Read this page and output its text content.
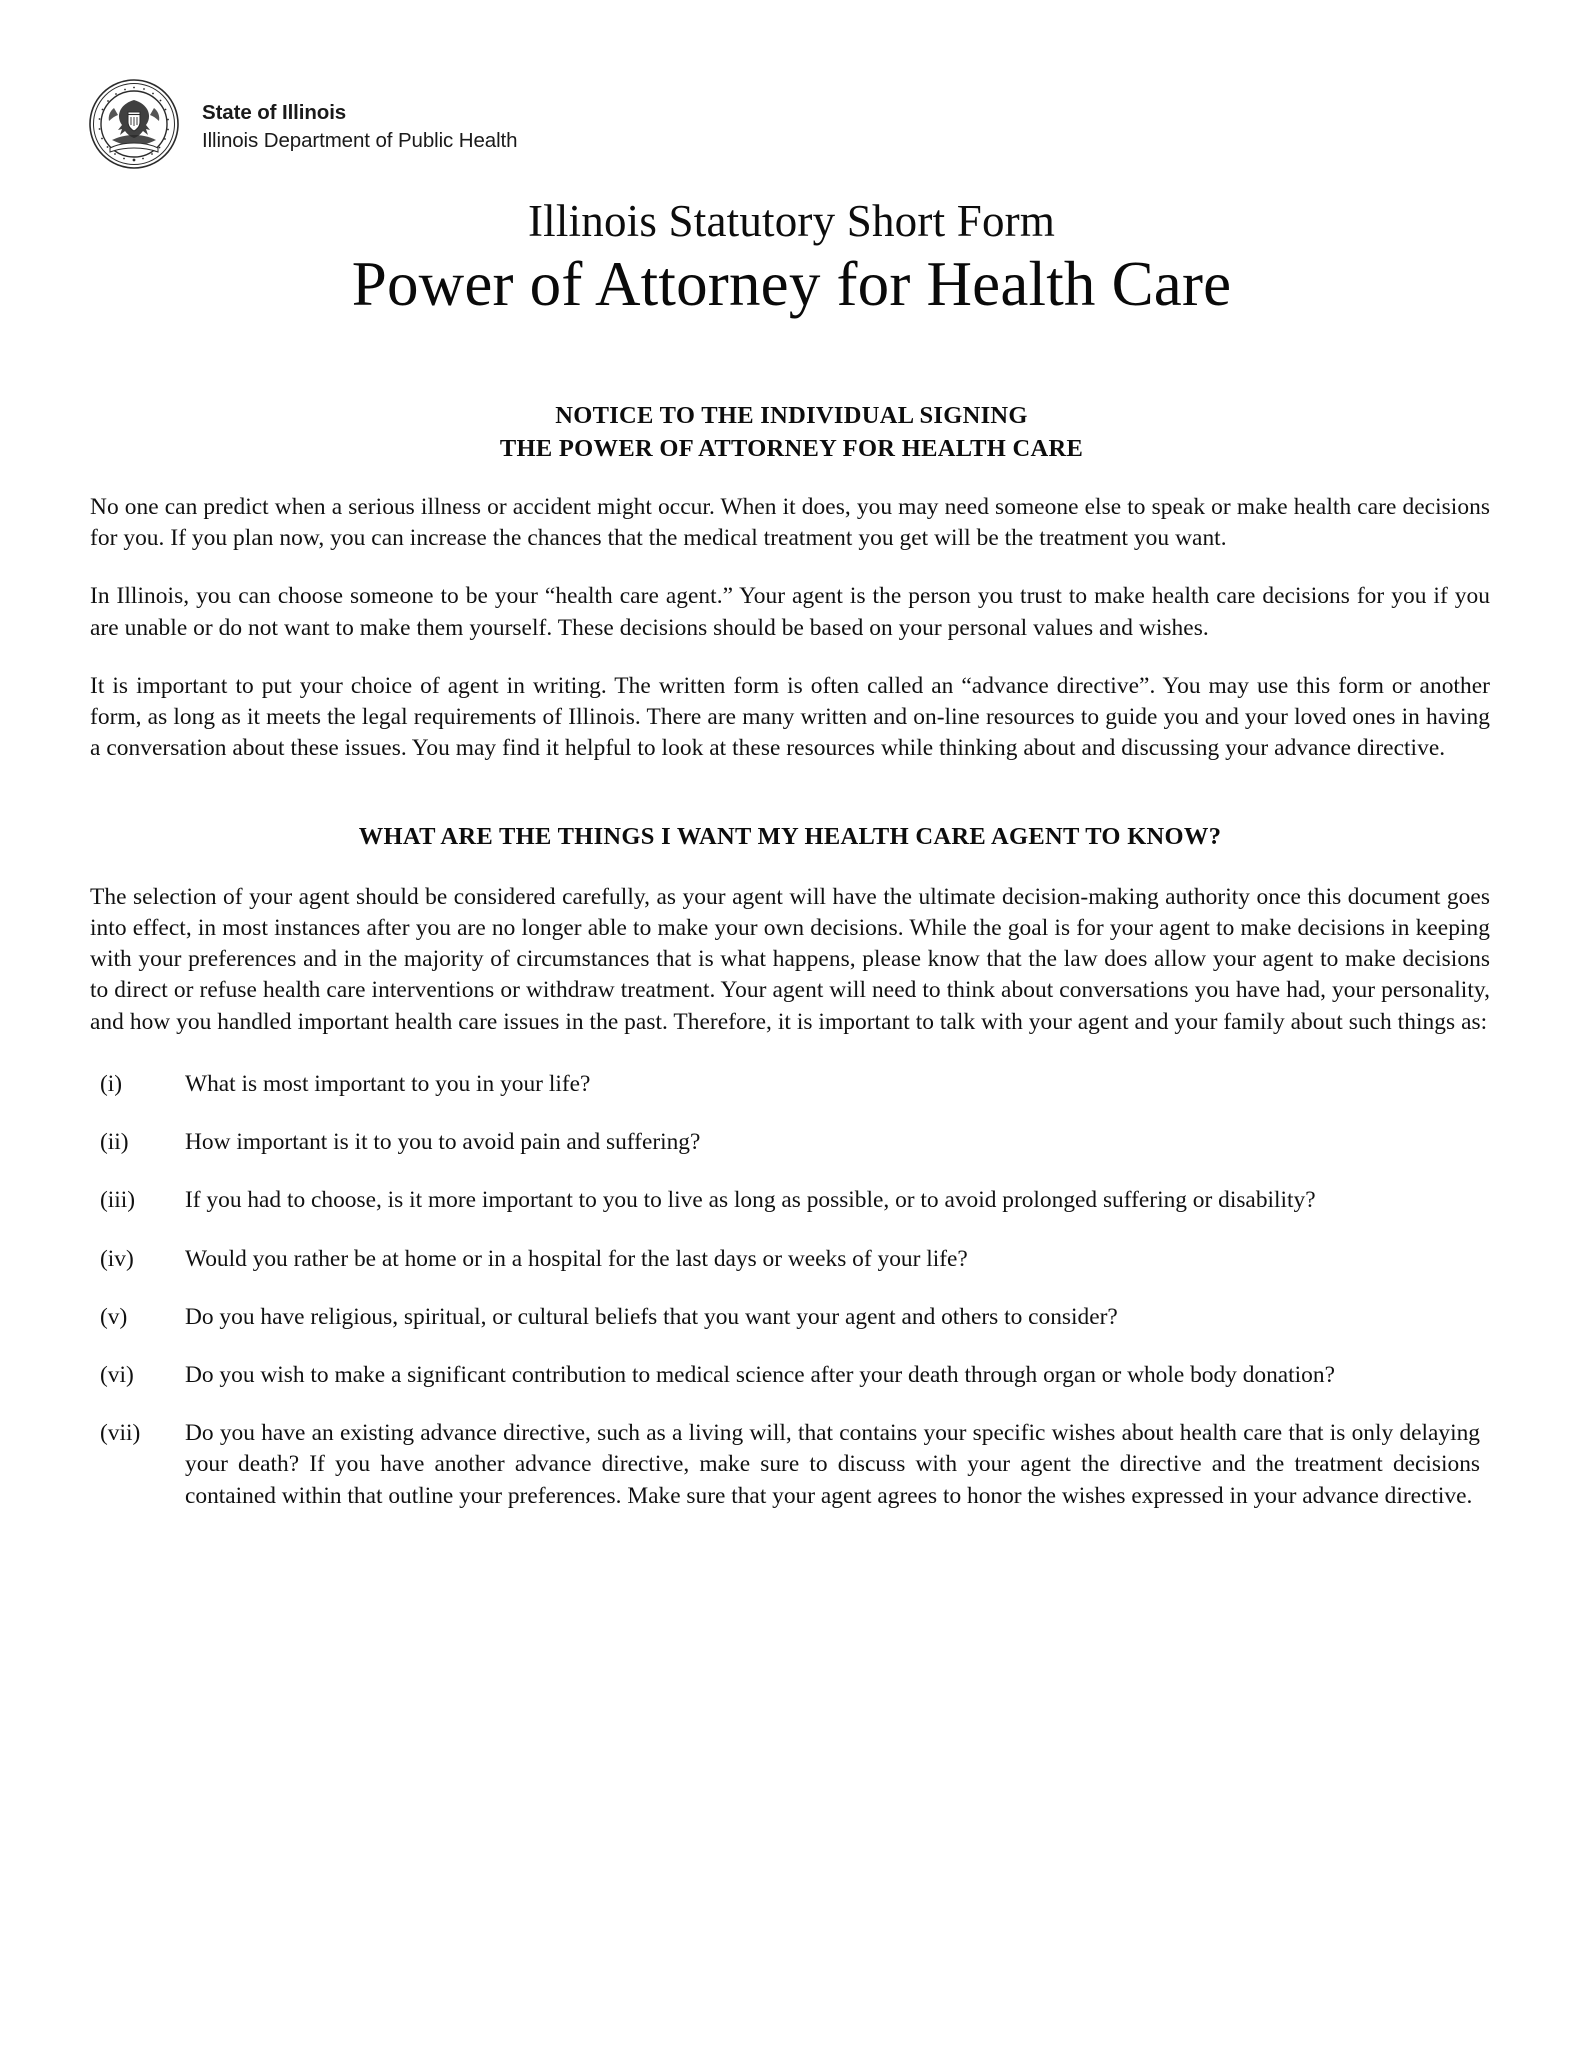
State of Illinois
Illinois Department of Public Health
Illinois Statutory Short Form
Power of Attorney for Health Care
NOTICE TO THE INDIVIDUAL SIGNING
THE POWER OF ATTORNEY FOR HEALTH CARE

No one can predict when a serious illness or accident might occur. When it does, you may need someone else to speak or make health care decisions for you. If you plan now, you can increase the chances that the medical treatment you get will be the treatment you want.

In Illinois, you can choose someone to be your “health care agent.” Your agent is the person you trust to make health care decisions for you if you are unable or do not want to make them yourself. These decisions should be based on your personal values and wishes.

It is important to put your choice of agent in writing. The written form is often called an “advance directive”. You may use this form or another form, as long as it meets the legal requirements of Illinois. There are many written and on-line resources to guide you and your loved ones in having a conversation about these issues. You may find it helpful to look at these resources while thinking about and discussing your advance directive.

WHAT ARE THE THINGS I WANT MY HEALTH CARE AGENT TO KNOW?

The selection of your agent should be considered carefully, as your agent will have the ultimate decision-making authority once this document goes into effect, in most instances after you are no longer able to make your own decisions. While the goal is for your agent to make decisions in keeping with your preferences and in the majority of circumstances that is what happens, please know that the law does allow your agent to make decisions to direct or refuse health care interventions or withdraw treatment. Your agent will need to think about conversations you have had, your personality, and how you handled important health care issues in the past. Therefore, it is important to talk with your agent and your family about such things as:

(i)	What is most important to you in your life?
(ii)	How important is it to you to avoid pain and suffering?
(iii)	If you had to choose, is it more important to you to live as long as possible, or to avoid prolonged suffering or disability?
(iv)	Would you rather be at home or in a hospital for the last days or weeks of your life?
(v)	Do you have religious, spiritual, or cultural beliefs that you want your agent and others to consider?
(vi)	Do you wish to make a significant contribution to medical science after your death through organ or whole body donation?
(vii)	Do you have an existing advance directive, such as a living will, that contains your specific wishes about health care that is only delaying your death? If you have another advance directive, make sure to discuss with your agent the directive and the treatment decisions contained within that outline your preferences. Make sure that your agent agrees to honor the wishes expressed in your advance directive.
